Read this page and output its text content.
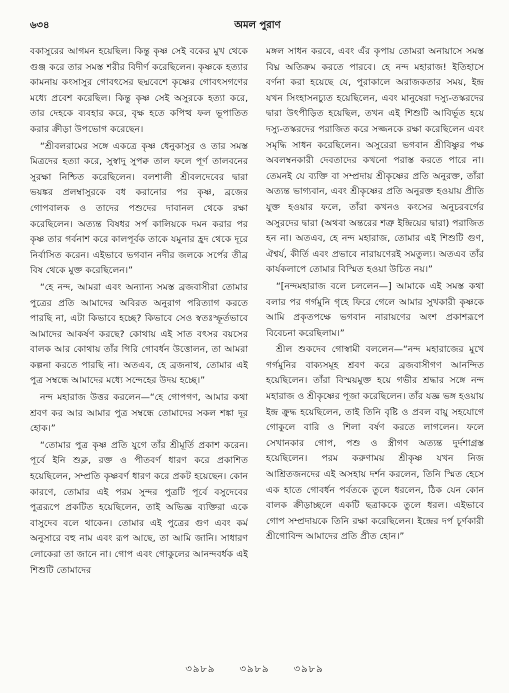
৬৩৪	অমল পুরাণ

বকাসুরের আগমন হয়েছিল। কিন্তু কৃষ্ণ সেই বকের মুখ থেকে গুঞ্জ করে তার সমস্ত শরীর বিদীর্ণ করেছিলেন। কৃষ্ণকে হত্যার কামনায় কংসাসুর গোবৎসের ছদ্মবেশে কৃষ্ণের গোবৎসগণের মধ্যে প্রবেশ করেছিল। কিন্তু কৃষ্ণ সেই অসুরকে হত্যা করে, তার দেহকে ব্যবহার করে, বৃক্ষ হতে কপিত্থ ফল ভূপাতিত করার ক্রীড়া উপভোগ করেছেন।

“শ্রীবলরামের সঙ্গে একত্রে কৃষ্ণ ধেনুকাসুর ও তার সমস্ত মিত্রদের হত্যা করে, সুস্বাদু সুপক্ব তাল ফলে পূর্ণ তালবনের সুরক্ষা নিশ্চিত করেছিলেন। বলশালী শ্রীবলদেবের দ্বারা ভয়ঙ্কর প্রলম্বাসুরকে বধ করানোর পর কৃষ্ণ, ব্রজের গোপবালক ও তাদের পশুদের দাবানল থেকে রক্ষা করেছিলেন। অত্যন্ত বিষধর সর্প কালিয়কে দমন করার পর কৃষ্ণ তার গর্বনাশ করে কালপূর্বক তাকে যমুনার হ্রদ থেকে দূরে নির্বাসিত করেন। এইভাবে ভগবান নদীর জলকে সর্পের তীব্র বিষ থেকে মুক্ত করেছিলেন।”

“হে নন্দ, আমরা এবং অন্যান্য সমস্ত ব্রজবাসীরা তোমার পুত্রের প্রতি আমাদের অবিরত অনুরাগ পরিত্যাগ করতে পারছি না, এটা কিভাবে হচ্ছে? কিভাবে সেও স্বতঃস্ফূর্তভাবে আমাদের আকর্ষণ করছে? কোথায় এই সাত বৎসর বয়সের বালক আর কোথায় তাঁর গিরি গোবর্ধন উত্তোলন, তা আমরা কল্পনা করতে পারছি না। অতএব, হে ব্রজনাথ, তোমার এই পুত্র সম্বন্ধে আমাদের মধ্যে সন্দেহের উদয় হচ্ছে।”

নন্দ মহারাজ উত্তর করলেন—“হে গোপগণ, আমার কথা শ্রবণ কর আর আমার পুত্র সম্বন্ধে তোমাদের সকল শঙ্কা দূর হোক।”

“তোমার পুত্র কৃষ্ণ প্রতি যুগে তাঁর শ্রীমূর্তি প্রকাশ করেন। পূর্বে ইনি শুক্ল, রক্ত ও পীতবর্ণ ধারণ করে প্রকাশিত হয়েছিলেন, সম্প্রতি কৃষ্ণবর্ণ ধারণ করে প্রকট হয়েছেন। কোন কারণে, তোমার এই পরম সুন্দর পুত্রটি পূর্বে বসুদেবের পুত্ররূপে প্রকটিত হয়েছিলেন, তাই অভিজ্ঞ ব্যক্তিরা একে বাসুদেব বলে থাকেন। তোমার এই পুত্রের গুণ এবং কর্ম অনুসারে বহু নাম এবং রূপ আছে, তা আমি জানি। সাধারণ লোকেরা তা জানে না। গোপ এবং গোকুলের আনন্দবর্ধক এই শিশুটি তোমাদের

মঙ্গল সাধন করবে, এবং এঁর কৃপায় তোমরা অনায়াসে সমস্ত বিঘ্ন অতিক্রম করতে পারবে। হে নন্দ মহারাজ! ইতিহাসে বর্ণনা করা হয়েছে যে, পুরাকালে অরাজকতার সময়, ইন্দ্র যখন সিংহাসনচ্যুত হয়েছিলেন, এবং মানুষেরা দস্যু-তস্করদের দ্বারা উৎপীড়িত হয়েছিল, তখন এই শিশুটি আবির্ভূত হয়ে দস্যু-তস্করদের পরাজিত করে সজ্জনকে রক্ষা করেছিলেন এবং সমৃদ্ধি সাধন করেছিলেন। অসুরেরা ভগবান শ্রীবিষ্ণুর পক্ষ অবলম্বনকারী দেবতাদের কখনো পরাস্ত করতে পারে না। তেমনই যে ব্যক্তি বা সম্প্রদায় শ্রীকৃষ্ণের প্রতি অনুরক্ত, তাঁরা অত্যন্ত ভাগ্যবান, এবং শ্রীকৃষ্ণের প্রতি অনুরক্ত হওয়ায় প্রীতি যুক্ত হওয়ার ফলে, তাঁরা কখনও কংসের অনুচরবর্গের অসুরদের দ্বারা (অথবা অন্তরের শত্রু ইন্দ্রিয়ের দ্বারা) পরাজিত হন না। অতএব, হে নন্দ মহারাজ, তোমার এই শিশুটি গুণ, ঐশ্বর্য, কীর্তি এবং প্রভাবে নারায়ণেরই সমতুল্য। অতএব তাঁর কার্যকলাপে তোমার বিস্মিত হওয়া উচিত নয়।”

“[নন্দমহারাজ বলে চললেন—] আমাকে এই সমস্ত কথা বলার পর গর্গমুনি গৃহে ফিরে গেলে আমার সুখকারী কৃষ্ণকে আমি প্রকৃতপক্ষে ভগবান নারায়ণের অংশ প্রকাশরূপে বিবেচনা করেছিলাম।”

শ্রীল শুকদেব গোস্বামী বললেন—“নন্দ মহারাজের মুখে গর্গমুনির বাক্যসমূহ শ্রবণ করে ব্রজবাসীগণ আনন্দিত হয়েছিলেন। তাঁরা বিস্ময়মুক্ত হয়ে গভীর শ্রদ্ধার সঙ্গে নন্দ মহারাজ ও শ্রীকৃষ্ণের পূজা করেছিলেন। তাঁর যজ্ঞ ভঙ্গ হওয়ায় ইন্দ্র ক্রুদ্ধ হয়েছিলেন, তাই তিনি বৃষ্টি ও প্রবল বায়ু সহযোগে গোকুলে বারি ও শিলা বর্ষণ করতে লাগলেন। ফলে সেখানকার গোপ, পশু ও স্ত্রীগণ অত্যন্ত দুর্দশাগ্রস্ত হয়েছিলেন। পরম করুণাময় শ্রীকৃষ্ণ যখন নিজ আশ্রিতজনদের এই অসহায় দর্শন করলেন, তিনি স্মিত হেসে এক হাতে গোবর্ধন পর্বতকে তুলে ধরলেন, ঠিক যেন কোন বালক ক্রীড়াচ্ছলে একটি ছত্রাককে তুলে ধরল। এইভাবে গোপ সম্প্রদায়কে তিনি রক্ষা করেছিলেন। ইন্দ্রের দর্প চূর্ণকারী শ্রীগোবিন্দ আমাদের প্রতি প্রীত হোন।”

৩৯৮৯ ৩৯৮৯ ৩৯৮৯
